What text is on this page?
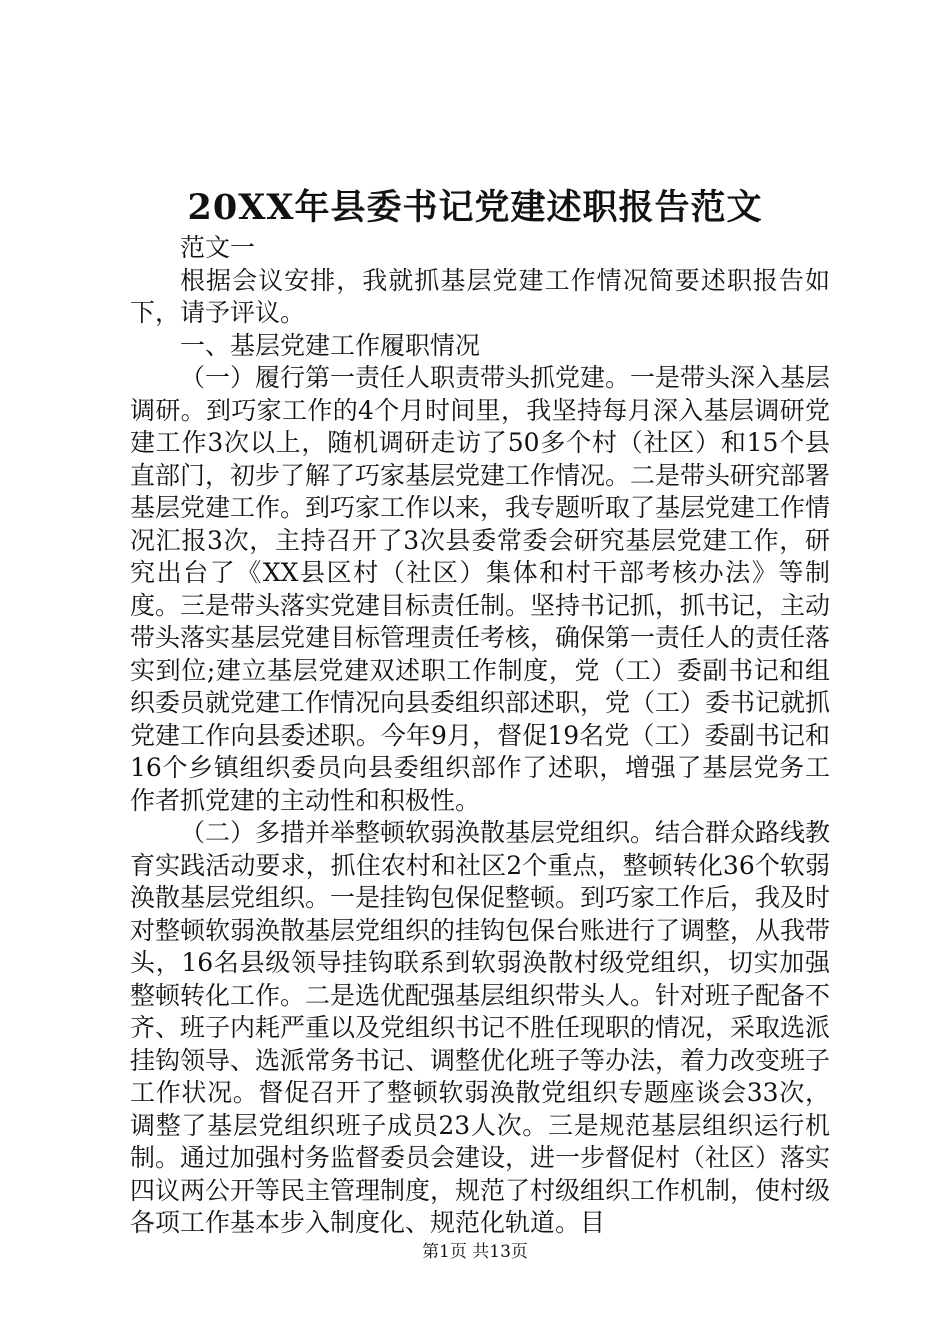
20XX年县委书记党建述职报告范文

范文一

根据会议安排，我就抓基层党建工作情况简要述职报告如下，请予评议。

一、基层党建工作履职情况

（一）履行第一责任人职责带头抓党建。一是带头深入基层调研。到巧家工作的4个月时间里，我坚持每月深入基层调研党建工作3次以上，随机调研走访了50多个村（社区）和15个县直部门，初步了解了巧家基层党建工作情况。二是带头研究部署基层党建工作。到巧家工作以来，我专题听取了基层党建工作情况汇报3次，主持召开了3次县委常委会研究基层党建工作，研究出台了《XX县区村（社区）集体和村干部考核办法》等制度。三是带头落实党建目标责任制。坚持书记抓，抓书记，主动带头落实基层党建目标管理责任考核，确保第一责任人的责任落实到位;建立基层党建双述职工作制度，党（工）委副书记和组织委员就党建工作情况向县委组织部述职，党（工）委书记就抓党建工作向县委述职。今年9月，督促19名党（工）委副书记和16个乡镇组织委员向县委组织部作了述职，增强了基层党务工作者抓党建的主动性和积极性。

（二）多措并举整顿软弱涣散基层党组织。结合群众路线教育实践活动要求，抓住农村和社区2个重点，整顿转化36个软弱涣散基层党组织。一是挂钩包保促整顿。到巧家工作后，我及时对整顿软弱涣散基层党组织的挂钩包保台账进行了调整，从我带头，16名县级领导挂钩联系到软弱涣散村级党组织，切实加强整顿转化工作。二是选优配强基层组织带头人。针对班子配备不齐、班子内耗严重以及党组织书记不胜任现职的情况，采取选派挂钩领导、选派常务书记、调整优化班子等办法，着力改变班子工作状况。督促召开了整顿软弱涣散党组织专题座谈会33次，调整了基层党组织班子成员23人次。三是规范基层组织运行机制。通过加强村务监督委员会建设，进一步督促村（社区）落实四议两公开等民主管理制度，规范了村级组织工作机制，使村级各项工作基本步入制度化、规范化轨道。目

第1页 共13页
